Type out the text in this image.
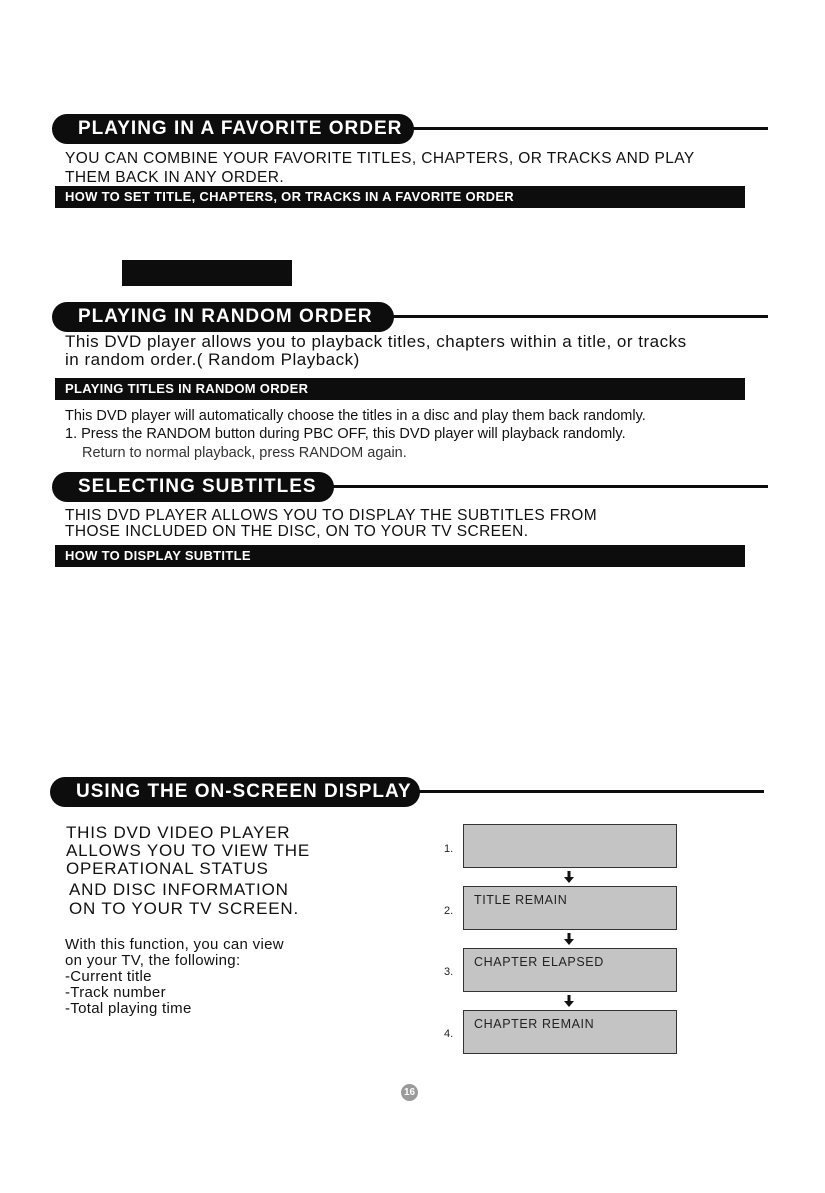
PLAYING IN A FAVORITE ORDER
YOU CAN COMBINE YOUR FAVORITE TITLES, CHAPTERS, OR TRACKS AND PLAY
THEM BACK IN ANY ORDER.
HOW TO SET TITLE, CHAPTERS, OR TRACKS IN A FAVORITE ORDER
PLAYING IN RANDOM ORDER
This DVD player allows you to playback titles, chapters within a title, or tracks
in random order.( Random Playback)
PLAYING TITLES IN RANDOM ORDER
This DVD player will automatically choose the titles in a disc and play them back randomly.
1. Press the RANDOM button during PBC OFF, this DVD player will playback randomly.
Return to normal playback, press RANDOM again.
SELECTING SUBTITLES
THIS DVD PLAYER ALLOWS YOU TO DISPLAY THE SUBTITLES FROM
THOSE INCLUDED ON THE DISC, ON TO YOUR TV SCREEN.
HOW TO DISPLAY SUBTITLE
USING THE ON-SCREEN DISPLAY
THIS DVD VIDEO PLAYER
ALLOWS YOU TO VIEW THE
OPERATIONAL STATUS
AND DISC INFORMATION
ON TO YOUR TV SCREEN.
With this function, you can view
on your TV, the following:
-Current title
-Track number
-Total playing time
1.
2.
TITLE REMAIN
3.
CHAPTER ELAPSED
4.
CHAPTER REMAIN
16
